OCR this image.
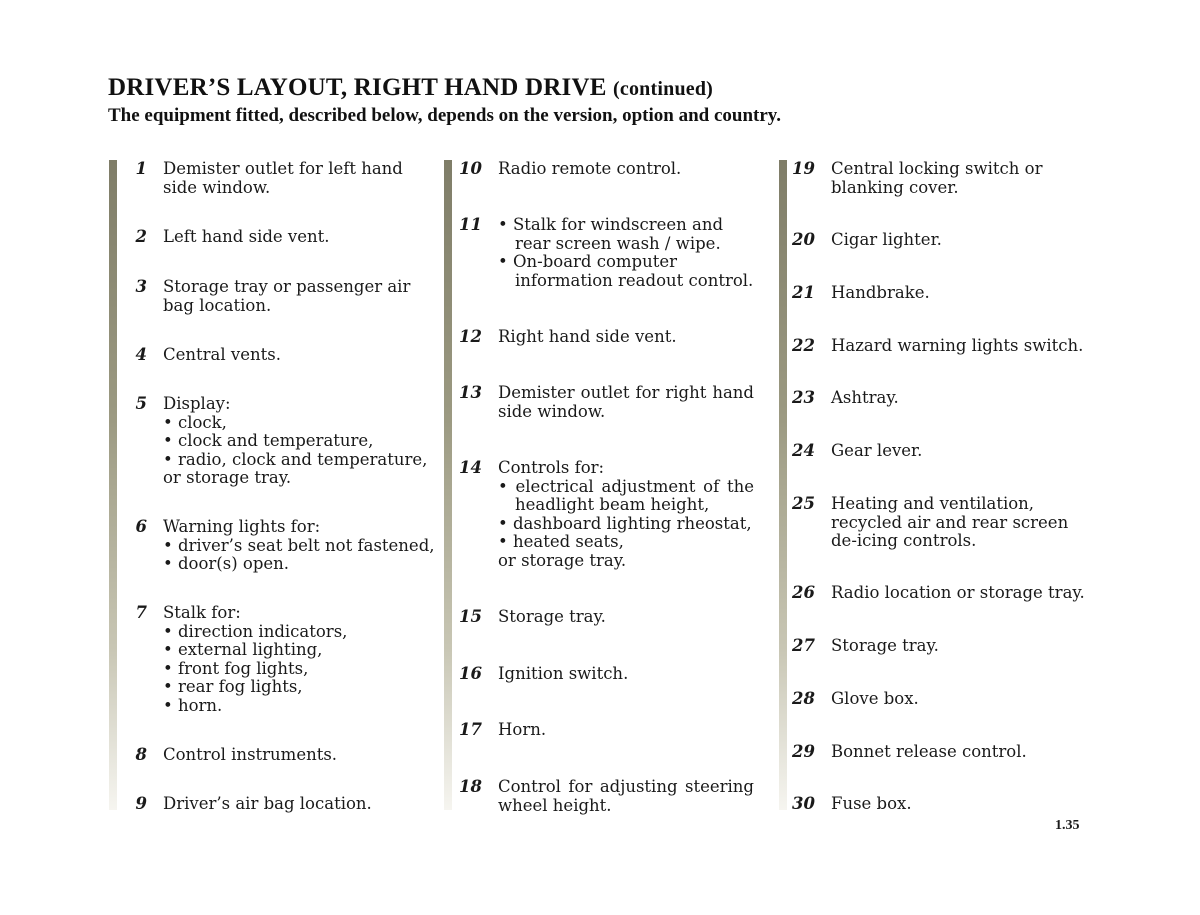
DRIVER’S LAYOUT, RIGHT HAND DRIVE (continued)

The equipment fitted, described below, depends on the version, option and country.

1 Demister outlet for left hand
side window.
2 Left hand side vent.
3 Storage tray or passenger air
bag location.
4 Central vents.
5 Display:
• clock,
• clock and temperature,
• radio, clock and temperature,
or storage tray.
6 Warning lights for:
• driver’s seat belt not fastened,
• door(s) open.
7 Stalk for:
• direction indicators,
• external lighting,
• front fog lights,
• rear fog lights,
• horn.
8 Control instruments.
9 Driver’s air bag location.
10 Radio remote control.
11
•	Stalk for windscreen and rear screen wash / wipe.
• On-board computer information readout control.
12 Right hand side vent.
13 Demister outlet for right hand
side window.
14 Controls for:
• electrical adjustment of the headlight beam height,
• dashboard lighting rheostat,
• heated seats,
or storage tray.
15 Storage tray.
16 Ignition switch.
17 Horn.
18 Control for adjusting steering
wheel height.
19 Central locking switch or
blanking cover.
20 Cigar lighter.
21 Handbrake.
22 Hazard warning lights switch.
23 Ashtray.
24 Gear lever.
25 Heating and ventilation,
recycled air and rear screen
de-icing controls.
26 Radio location or storage tray.
27 Storage tray.
28 Glove box.
29 Bonnet release control.
30 Fuse box.
1.35
